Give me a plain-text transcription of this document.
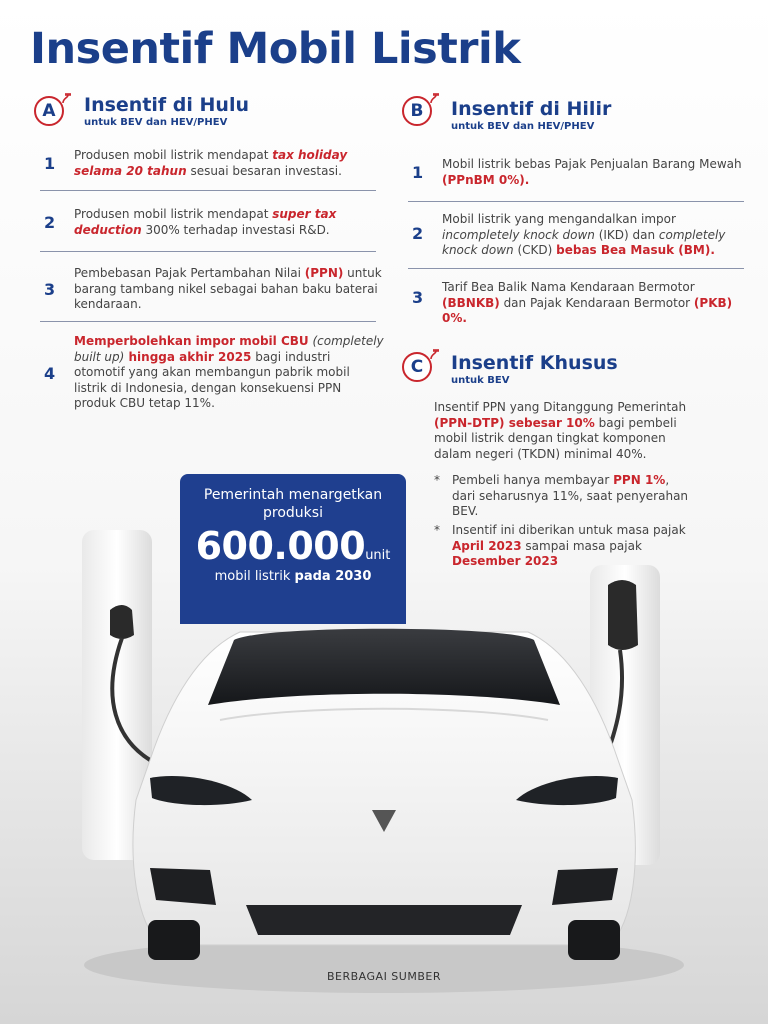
Insentif Mobil Listrik
A	Insentif di Hulu
untuk BEV dan HEV/PHEV
1	Produsen mobil listrik mendapat tax holiday selama 20 tahun sesuai besaran investasi.
2	Produsen mobil listrik mendapat super tax deduction 300% terhadap investasi R&D.
3
Pembebasan Pajak Pertambahan Nilai (PPN) untuk barang tambang nikel sebagai bahan baku baterai kendaraan.
4
Memperbolehkan impor mobil CBU (completely built up) hingga akhir 2025 bagi industri otomotif yang akan membangun pabrik mobil listrik di Indonesia, dengan konsekuensi PPN produk CBU tetap 11%.
B	Insentif di Hilir
untuk BEV dan HEV/PHEV
1	Mobil listrik bebas Pajak Penjualan Barang Mewah (PPnBM 0%).
2
Mobil listrik yang mengandalkan impor incompletely knock down (IKD) dan completely knock down (CKD) bebas Bea Masuk (BM).
3
Tarif Bea Balik Nama Kendaraan Bermotor (BBNKB) dan Pajak Kendaraan Bermotor (PKB) 0%.
C	Insentif Khusus
untuk BEV
Insentif PPN yang Ditanggung Pemerintah (PPN-DTP) sebesar 10% bagi pembeli mobil listrik dengan tingkat komponen dalam negeri (TKDN) minimal 40%.
*	Pembeli hanya membayar PPN 1%, dari seharusnya 11%, saat penyerahan BEV.
*	Insentif ini diberikan untuk masa pajak April 2023 sampai masa pajak Desember 2023
Pemerintah menargetkan produksi
600.000unit
mobil listrik pada 2030
BERBAGAI SUMBER
